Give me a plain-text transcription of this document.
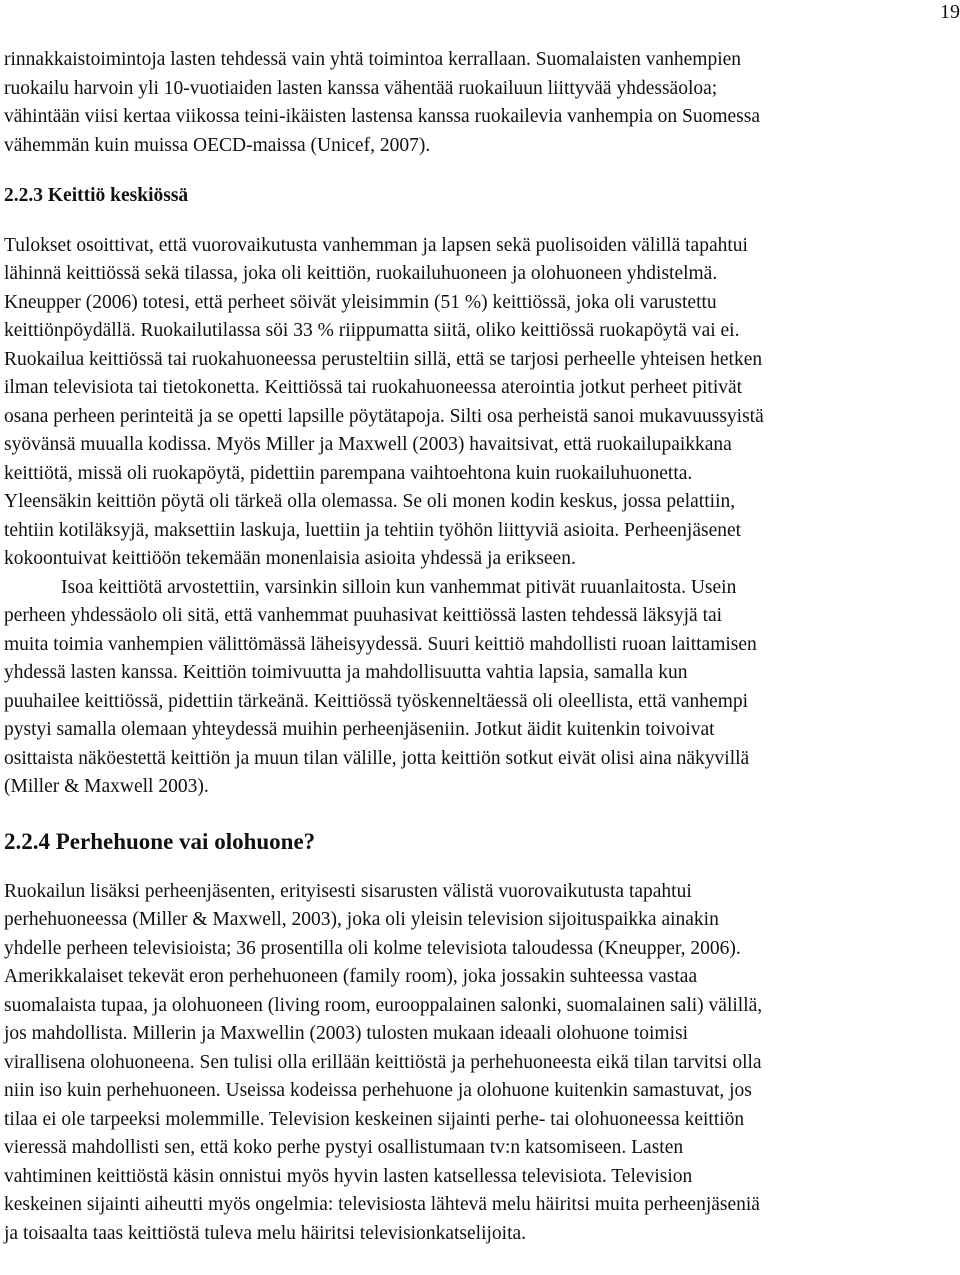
19
rinnakkaistoimintoja lasten tehdessä vain yhtä toimintoa kerrallaan. Suomalaisten vanhempien
ruokailu harvoin yli 10-vuotiaiden lasten kanssa vähentää ruokailuun liittyvää yhdessäoloa;
vähintään viisi kertaa viikossa teini-ikäisten lastensa kanssa ruokailevia vanhempia on Suomessa
vähemmän kuin muissa OECD-maissa (Unicef, 2007).
2.2.3 Keittiö keskiössä
Tulokset osoittivat, että vuorovaikutusta vanhemman ja lapsen sekä puolisoiden välillä tapahtui
lähinnä keittiössä sekä tilassa, joka oli keittiön, ruokailuhuoneen ja olohuoneen yhdistelmä.
Kneupper (2006) totesi, että perheet söivät yleisimmin (51 %) keittiössä, joka oli varustettu
keittiönpöydällä. Ruokailutilassa söi 33 % riippumatta siitä, oliko keittiössä ruokapöytä vai ei.
Ruokailua keittiössä tai ruokahuoneessa perusteltiin sillä, että se tarjosi perheelle yhteisen hetken
ilman televisiota tai tietokonetta. Keittiössä tai ruokahuoneessa aterointia jotkut perheet pitivät
osana perheen perinteitä ja se opetti lapsille pöytätapoja. Silti osa perheistä sanoi mukavuussyistä
syövänsä muualla kodissa. Myös Miller ja Maxwell (2003) havaitsivat, että ruokailupaikkana
keittiötä, missä oli ruokapöytä, pidettiin parempana vaihtoehtona kuin ruokailuhuonetta.
Yleensäkin keittiön pöytä oli tärkeä olla olemassa. Se oli monen kodin keskus, jossa pelattiin,
tehtiin kotiläksyjä, maksettiin laskuja, luettiin ja tehtiin työhön liittyviä asioita. Perheenjäsenet
kokoontuivat keittiöön tekemään monenlaisia asioita yhdessä ja erikseen.
Isoa keittiötä arvostettiin, varsinkin silloin kun vanhemmat pitivät ruuanlaitosta. Usein
perheen yhdessäolo oli sitä, että vanhemmat puuhasivat keittiössä lasten tehdessä läksyjä tai
muita toimia vanhempien välittömässä läheisyydessä. Suuri keittiö mahdollisti ruoan laittamisen
yhdessä lasten kanssa. Keittiön toimivuutta ja mahdollisuutta vahtia lapsia, samalla kun
puuhailee keittiössä, pidettiin tärkeänä. Keittiössä työskenneltäessä oli oleellista, että vanhempi
pystyi samalla olemaan yhteydessä muihin perheenjäseniin. Jotkut äidit kuitenkin toivoivat
osittaista näköestettä keittiön ja muun tilan välille, jotta keittiön sotkut eivät olisi aina näkyvillä
(Miller & Maxwell 2003).
2.2.4 Perhehuone vai olohuone?
Ruokailun lisäksi perheenjäsenten, erityisesti sisarusten välistä vuorovaikutusta tapahtui
perhehuoneessa (Miller & Maxwell, 2003), joka oli yleisin television sijoituspaikka ainakin
yhdelle perheen televisioista; 36 prosentilla oli kolme televisiota taloudessa (Kneupper, 2006).
Amerikkalaiset tekevät eron perhehuoneen (family room), joka jossakin suhteessa vastaa
suomalaista tupaa, ja olohuoneen (living room, eurooppalainen salonki, suomalainen sali) välillä,
jos mahdollista. Millerin ja Maxwellin (2003) tulosten mukaan ideaali olohuone toimisi
virallisena olohuoneena. Sen tulisi olla erillään keittiöstä ja perhehuoneesta eikä tilan tarvitsi olla
niin iso kuin perhehuoneen. Useissa kodeissa perhehuone ja olohuone kuitenkin samastuvat, jos
tilaa ei ole tarpeeksi molemmille. Television keskeinen sijainti perhe- tai olohuoneessa keittiön
vieressä mahdollisti sen, että koko perhe pystyi osallistumaan tv:n katsomiseen. Lasten
vahtiminen keittiöstä käsin onnistui myös hyvin lasten katsellessa televisiota. Television
keskeinen sijainti aiheutti myös ongelmia: televisiosta lähtevä melu häiritsi muita perheenjäseniä
ja toisaalta taas keittiöstä tuleva melu häiritsi televisionkatselijoita.
